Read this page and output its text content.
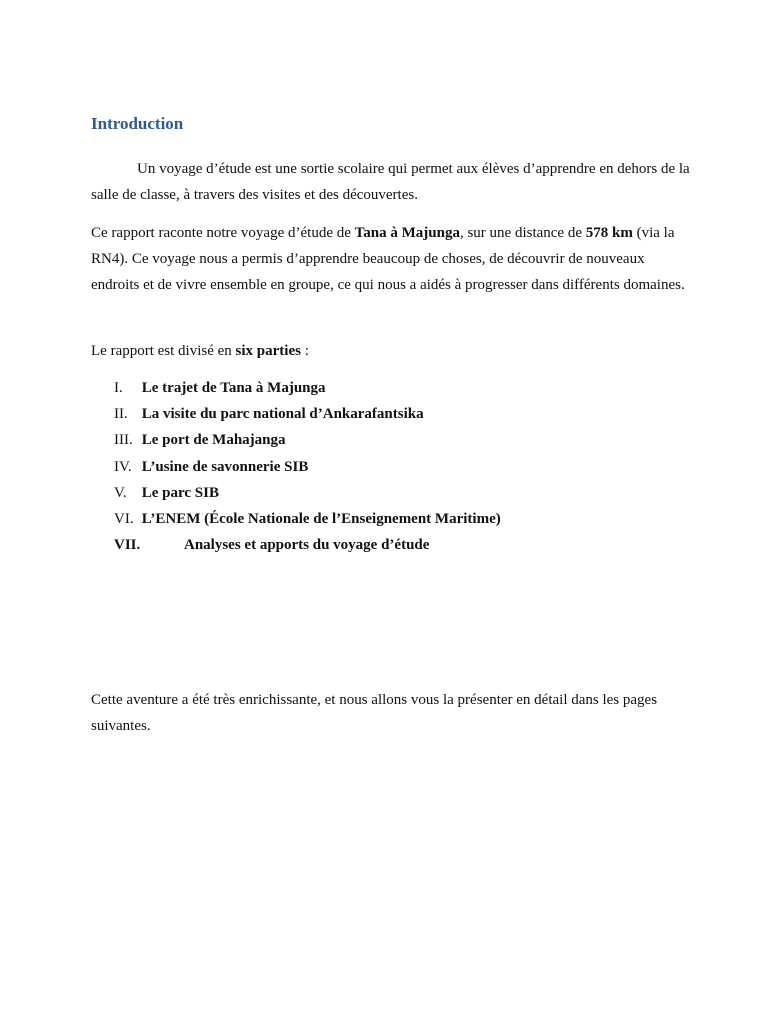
Introduction

Un voyage d’étude est une sortie scolaire qui permet aux élèves d’apprendre en dehors de la salle de classe, à travers des visites et des découvertes.

Ce rapport raconte notre voyage d’étude de Tana à Majunga, sur une distance de 578 km (via la RN4). Ce voyage nous a permis d’apprendre beaucoup de choses, de découvrir de nouveaux endroits et de vivre ensemble en groupe, ce qui nous a aidés à progresser dans différents domaines.

Le rapport est divisé en six parties :

I. Le trajet de Tana à Majunga
II. La visite du parc national d’Ankarafantsika
III. Le port de Mahajanga
IV. L’usine de savonnerie SIB
V. Le parc SIB
VI. L’ENEM (École Nationale de l’Enseignement Maritime)
VII.	Analyses et apports du voyage d’étude

Cette aventure a été très enrichissante, et nous allons vous la présenter en détail dans les pages suivantes.
